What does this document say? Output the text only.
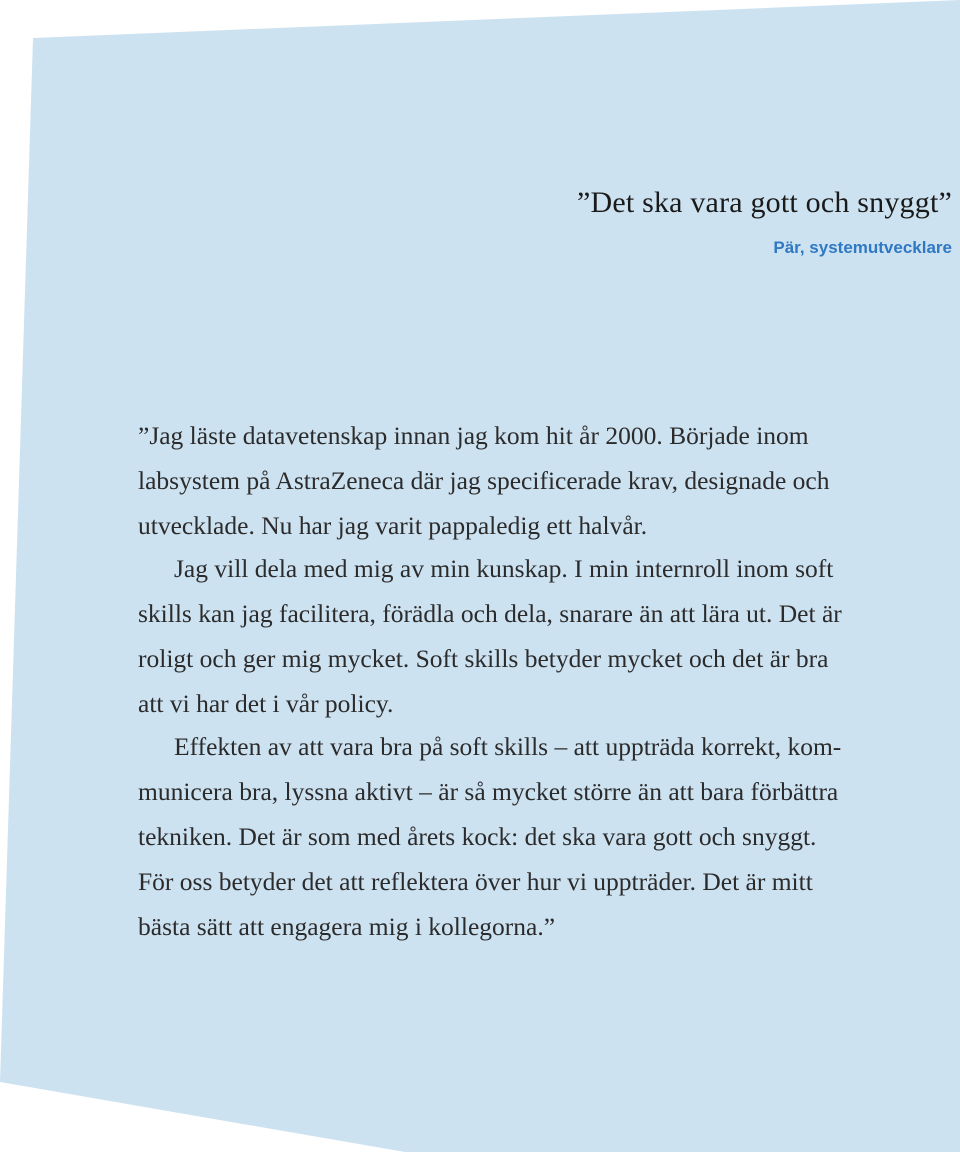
”Det ska vara gott och snyggt”
Pär, systemutvecklare

”Jag läste datavetenskap innan jag kom hit år 2000. Började inom
labsystem på AstraZeneca där jag specificerade krav, designade och
utvecklade. Nu har jag varit pappaledig ett halvår.

Jag vill dela med mig av min kunskap. I min internroll inom soft
skills kan jag facilitera, förädla och dela, snarare än att lära ut. Det är
roligt och ger mig mycket. Soft skills betyder mycket och det är bra
att vi har det i vår policy.

Effekten av att vara bra på soft skills – att uppträda korrekt, kom-
municera bra, lyssna aktivt – är så mycket större än att bara förbättra
tekniken. Det är som med årets kock: det ska vara gott och snyggt.
För oss betyder det att reflektera över hur vi uppträder. Det är mitt
bästa sätt att engagera mig i kollegorna.”
